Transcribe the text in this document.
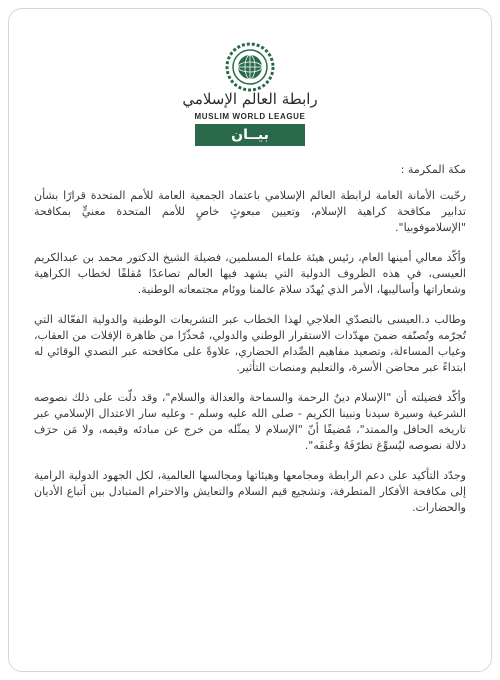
رابطة العالم الإسلامي
MUSLIM WORLD LEAGUE
بيــان

مكة المكرمة :

رحّبت الأمانة العامة لرابطة العالم الإسلامي باعتماد الجمعية العامة للأمم المتحدة قرارًا بشأن تدابير مكافحة كراهية الإسلام، وتعيين مبعوثٍ خاصٍ للأمم المتحدة معنيٍّ بمكافحة "الإسلاموفوبيا".

وأكّد معالي أمينها العام، رئيس هيئة علماء المسلمين، فضيلة الشيخ الدكتور محمد بن عبدالكريم العيسى، في هذه الظروف الدولية التي يشهد فيها العالم تصاعدًا مُقلقًا لخطاب الكراهية وشعاراتها وأساليبها، الأمر الذي يُهدّد سلامَ عالمنا ووئام مجتمعاته الوطنية.

وطالب د.العيسى بالتصدّي العلاجي لهذا الخطاب عبر التشريعات الوطنية والدولية الفعّالة التي تُجرّمه وتُصنّفه ضمنَ مهدّدات الاستقرار الوطني والدولي، مُحذّرًا من ظاهرة الإفلات من العقاب، وغياب المساءلة، وتصعيد مفاهيم الصِّدام الحضاري، علاوةً على مكافحته عبر التصدي الوقائي له ابتداءً عبر محاضن الأسرة، والتعليم ومنصات التأثير.

وأكّد فضيلته أن "الإسلام دينُ الرحمة والسماحة والعدالة والسلام"، وقد دلّت على ذلك نصوصه الشرعية وسيرة سيدنا ونبينا الكريم - صلى الله عليه وسلم - وعليه سار الاعتدال الإسلامي عبر تاريخه الحافل والممتد"، مُضيفًا أنّ "الإسلام لا يمثّله من خرج عن مبادئه وقيمه، ولا مَن حرَف دلالة نصوصه ليُسوِّغ تطرّفَهُ وعُنفَه".

وجدّد التأكيد على دعم الرابطة ومجامعها وهيئاتها ومجالسها العالمية، لكل الجهود الدولية الرامية إلى مكافحة الأفكار المتطرفة، وتشجيع قيم السلام والتعايش والاحترام المتبادل بين أتباع الأديان والحضارات.
